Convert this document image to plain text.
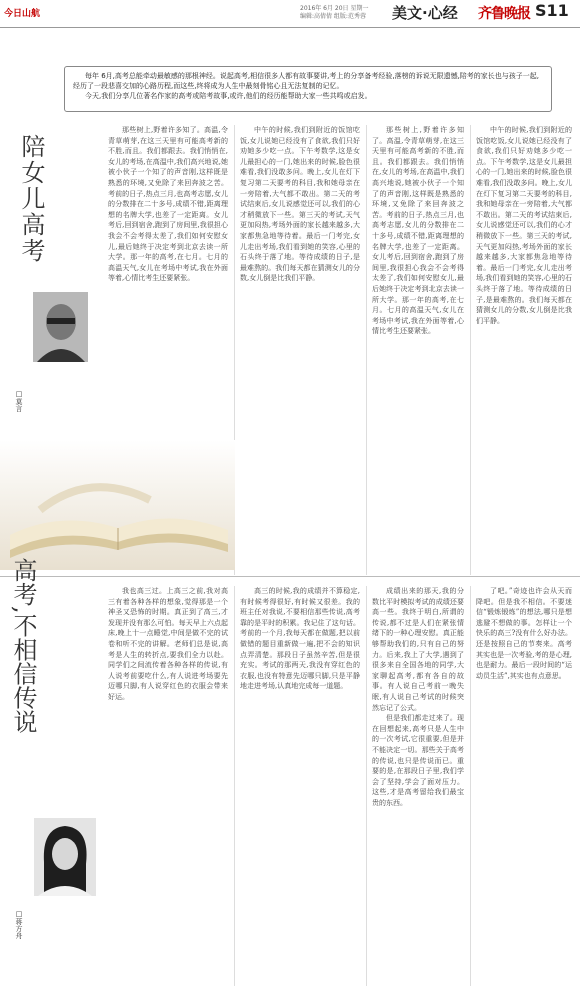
今日山航
2016年 6月 20日 星期一
编辑:高倩倩 组版:范秀蓉 美文·心经 齐鲁晚报 S11

每年 6月,高考总能牵动最敏感的那根神经。说起高考,相信很多人都有故事要讲,考上的分享备考经验,落榜的诉说无限遗憾,陪考的家长也与孩子一起,经历了一段悲喜交加的心路历程,而这些,终将成为人生中最刻骨铭心且无法复制的记忆。

今天,我们分享几位著名作家的高考或陪考故事,或许,他们的经历能帮助大家一些共鸣或启发。

陪女儿高考
□莫言

那些树上,野着许多知了。高温,令青草萌芽,在这三天里有可能高考新的不胜,而且。我们都跟去。我们悄悄在,女儿的考场,在高温中,我们高兴地说,她被小伙子一个知了的声音刚,这样既是熟悉的环境,又免除了来回奔波之苦。考前的日子,热点三月,也高考志愿,女儿的分数排在二十多号,成绩不错,距离理想的名牌大学,也差了一定距离。女儿考后,回到宿舍,跑到了房间里,我很担心我会不会考得太差了,我们如何安慰女儿,最后她终于决定考到北京去读一所大学。那一年的高考,在七月。七月的高温天气,女儿在考场中考试,我在外面等着,心情比考生还要紧张。

中午的时候,我们到附近的饭馆吃饭,女儿说她已经没有了食欲,我们只好劝她多少吃一点。下午考数学,这是女儿最担心的一门,她出来的时候,脸色很难看,我们没敢多问。晚上,女儿在灯下复习第二天要考的科目,我和她母亲在一旁陪着,大气都不敢出。第二天的考试结束后,女儿说感觉还可以,我们的心才稍微放下一些。第三天的考试,天气更加闷热,考场外面的家长越来越多,大家都焦急地等待着。最后一门考完,女儿走出考场,我们看到她的笑容,心里的石头终于落了地。等待成绩的日子,是最难熬的。我们每天都在猜测女儿的分数,女儿倒是比我们平静。

那些树上,野着许多知了。高温,令青草萌芽,在这三天里有可能高考新的不胜,而且。我们都跟去。我们悄悄在,女儿的考场,在高温中,我们高兴地说,她被小伙子一个知了的声音刚,这样既是熟悉的环境,又免除了来回奔波之苦。考前的日子,热点三月,也高考志愿,女儿的分数排在二十多号,成绩不错,距离理想的名牌大学,也差了一定距离。女儿考后,回到宿舍,跑到了房间里,我很担心我会不会考得太差了,我们如何安慰女儿,最后她终于决定考到北京去读一所大学。那一年的高考,在七月。七月的高温天气,女儿在考场中考试,我在外面等着,心情比考生还要紧张。

中午的时候,我们到附近的饭馆吃饭,女儿说她已经没有了食欲,我们只好劝她多少吃一点。下午考数学,这是女儿最担心的一门,她出来的时候,脸色很难看,我们没敢多问。晚上,女儿在灯下复习第二天要考的科目,我和她母亲在一旁陪着,大气都不敢出。第二天的考试结束后,女儿说感觉还可以,我们的心才稍微放下一些。第三天的考试,天气更加闷热,考场外面的家长越来越多,大家都焦急地等待着。最后一门考完,女儿走出考场,我们看到她的笑容,心里的石头终于落了地。等待成绩的日子,是最难熬的。我们每天都在猜测女儿的分数,女儿倒是比我们平静。

高考,不相信传说
□蒋方舟

我也高三过。上高三之前,我对高三有着各种各样的想象,觉得那是一个神圣又恐怖的时期。真正到了高三,才发现并没有那么可怕。每天早上六点起床,晚上十一点睡觉,中间是做不完的试卷和听不完的讲解。老师们总是说,高考是人生的转折点,要我们全力以赴。同学们之间流传着各种各样的传说,有人说考前要吃什么,有人说进考场要先迈哪只脚,有人说穿红色的衣服会带来好运。

高三的时候,我的成绩并不算稳定,有时候考得很好,有时候又很差。我的班主任对我说,不要相信那些传说,高考靠的是平时的积累。我记住了这句话。考前的一个月,我每天都在做题,把以前做错的题目重新做一遍,把不会的知识点弄清楚。那段日子虽然辛苦,但是很充实。考试的那两天,我没有穿红色的衣服,也没有特意先迈哪只脚,只是平静地走进考场,认真地完成每一道题。

成绩出来的那天,我的分数比平时模拟考试的成绩还要高一些。我终于明白,所谓的传说,都不过是人们在紧张情绪下的一种心理安慰。真正能够帮助我们的,只有自己的努力。后来,我上了大学,遇到了很多来自全国各地的同学,大家聊起高考,都有各自的故事。有人说自己考前一晚失眠,有人说自己考试的时候突然忘记了公式。

但是我们都走过来了。现在回想起来,高考只是人生中的一次考试,它很重要,但是并不能决定一切。那些关于高考的传说,也只是传说而已。重要的是,在那段日子里,我们学会了坚持,学会了面对压力。这些,才是高考留给我们最宝贵的东西。

了吧。”奇迹也许会从天而降吧。但是我不相信。不要迷信“锻炼锻炼”的想法,哪只是想逃避不想做的事。怎样让一个快乐的高三?没有什么好办法。还是按照自己的节奏来。高考其实也是一次考验,考的是心理,也是耐力。最后一段时间的“运动员生活”,其实也有点意思。
